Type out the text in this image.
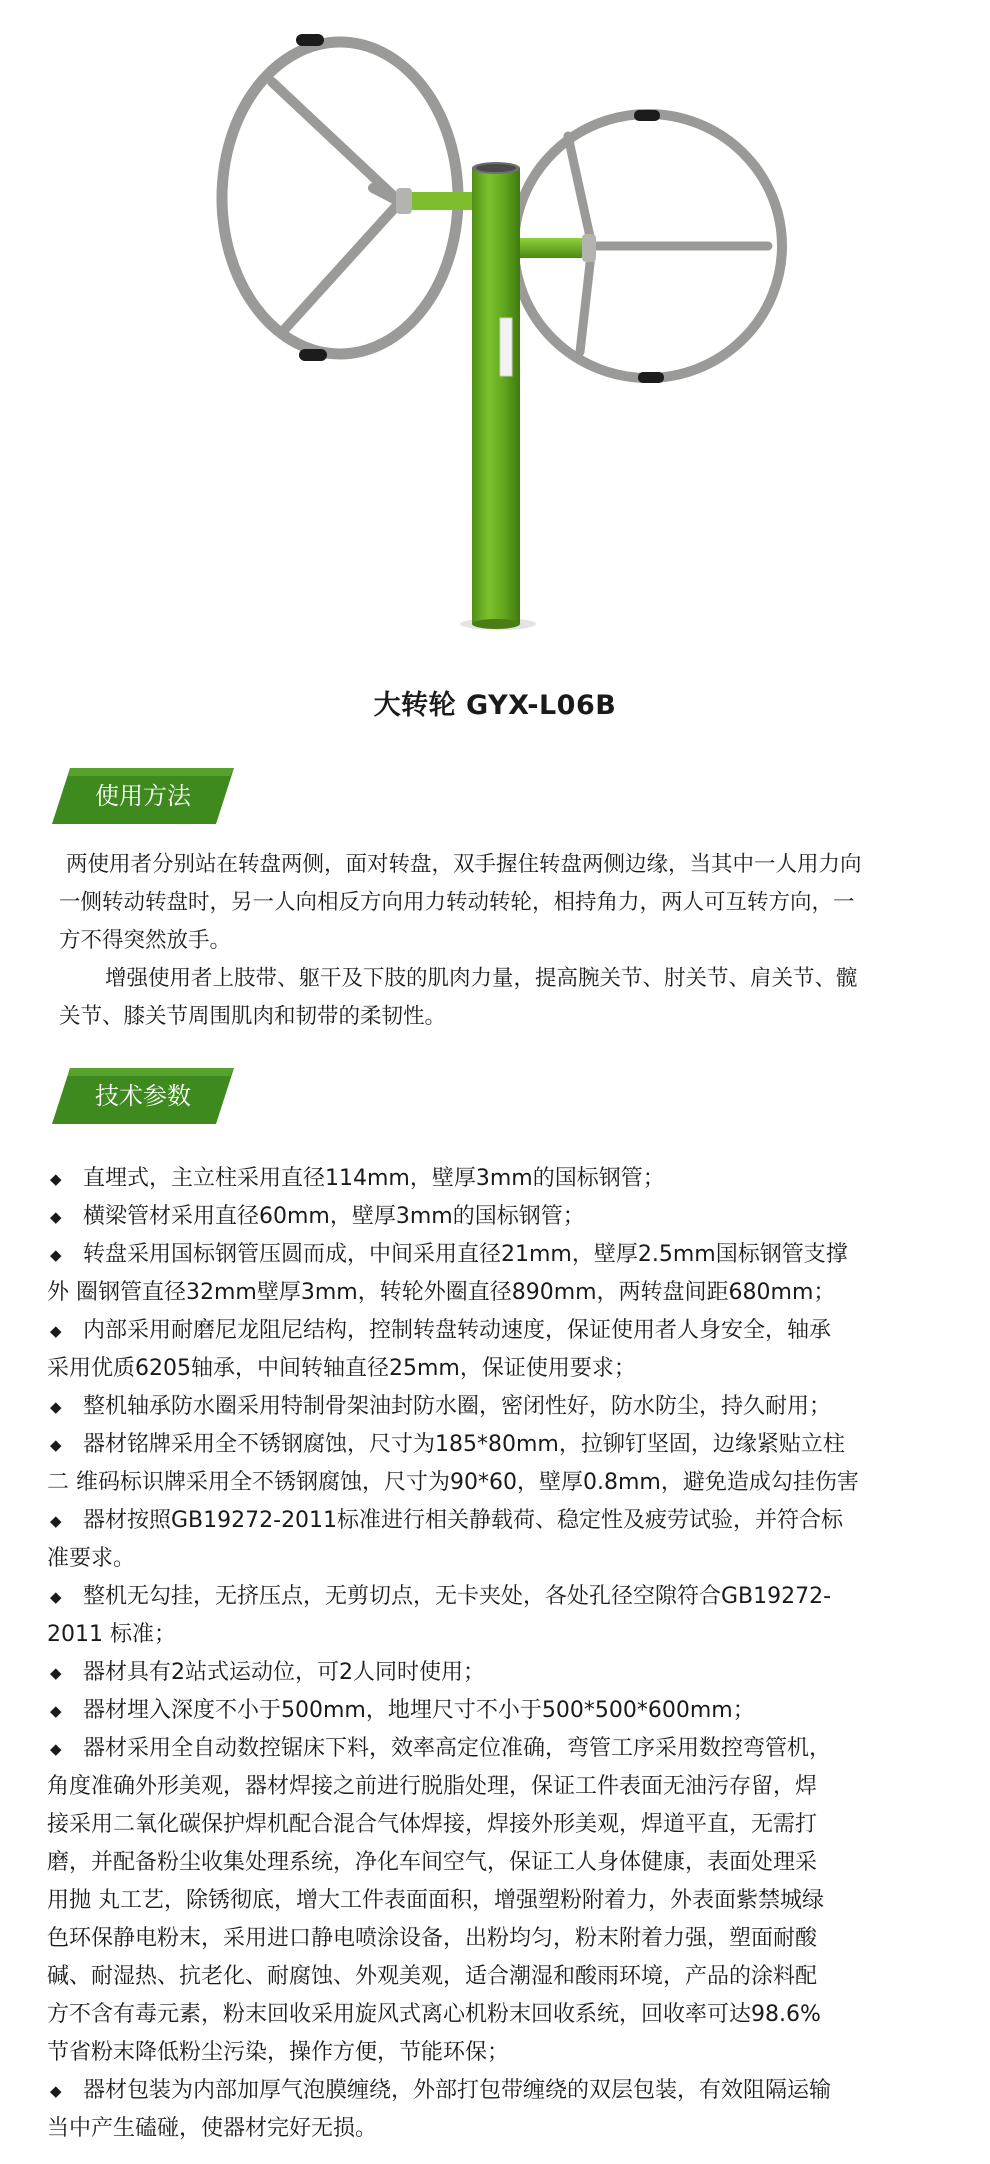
大转轮 GYX-L06B
使用方法

两使用者分别站在转盘两侧，面对转盘，双手握住转盘两侧边缘，当其中一人用力向

一侧转动转盘时，另一人向相反方向用力转动转轮，相持角力，两人可互转方向，一

方不得突然放手。

增强使用者上肢带、躯干及下肢的肌肉力量，提高腕关节、肘关节、肩关节、髋

关节、膝关节周围肌肉和韧带的柔韧性。

技术参数
◆ 直埋式，主立柱采用直径114mm，壁厚3mm的国标钢管；
◆ 横梁管材采用直径60mm，壁厚3mm的国标钢管；
◆ 转盘采用国标钢管压圆而成，中间采用直径21mm，壁厚2.5mm国标钢管支撑
外 圈钢管直径32mm壁厚3mm，转轮外圈直径890mm，两转盘间距680mm；
◆ 内部采用耐磨尼龙阻尼结构，控制转盘转动速度，保证使用者人身安全，轴承
采用优质6205轴承，中间转轴直径25mm，保证使用要求；
◆ 整机轴承防水圈采用特制骨架油封防水圈，密闭性好，防水防尘，持久耐用；
◆ 器材铭牌采用全不锈钢腐蚀，尺寸为185*80mm，拉铆钉坚固，边缘紧贴立柱
二 维码标识牌采用全不锈钢腐蚀，尺寸为90*60，壁厚0.8mm，避免造成勾挂伤害
◆ 器材按照GB19272-2011标准进行相关静载荷、稳定性及疲劳试验，并符合标
准要求。
◆ 整机无勾挂，无挤压点，无剪切点，无卡夹处，各处孔径空隙符合GB19272-
2011 标准；
◆ 器材具有2站式运动位，可2人同时使用；
◆ 器材埋入深度不小于500mm，地埋尺寸不小于500*500*600mm；
◆ 器材采用全自动数控锯床下料，效率高定位准确，弯管工序采用数控弯管机，
角度准确外形美观，器材焊接之前进行脱脂处理，保证工件表面无油污存留，焊
接采用二氧化碳保护焊机配合混合气体焊接，焊接外形美观，焊道平直，无需打
磨，并配备粉尘收集处理系统，净化车间空气，保证工人身体健康，表面处理采
用抛 丸工艺，除锈彻底，增大工件表面面积，增强塑粉附着力，外表面紫禁城绿
色环保静电粉末，采用进口静电喷涂设备，出粉均匀，粉末附着力强，塑面耐酸
碱、耐湿热、抗老化、耐腐蚀、外观美观，适合潮湿和酸雨环境，产品的涂料配
方不含有毒元素，粉末回收采用旋风式离心机粉末回收系统，回收率可达98.6%
节省粉末降低粉尘污染，操作方便，节能环保；
◆ 器材包装为内部加厚气泡膜缠绕，外部打包带缠绕的双层包装，有效阻隔运输
当中产生磕碰，使器材完好无损。
